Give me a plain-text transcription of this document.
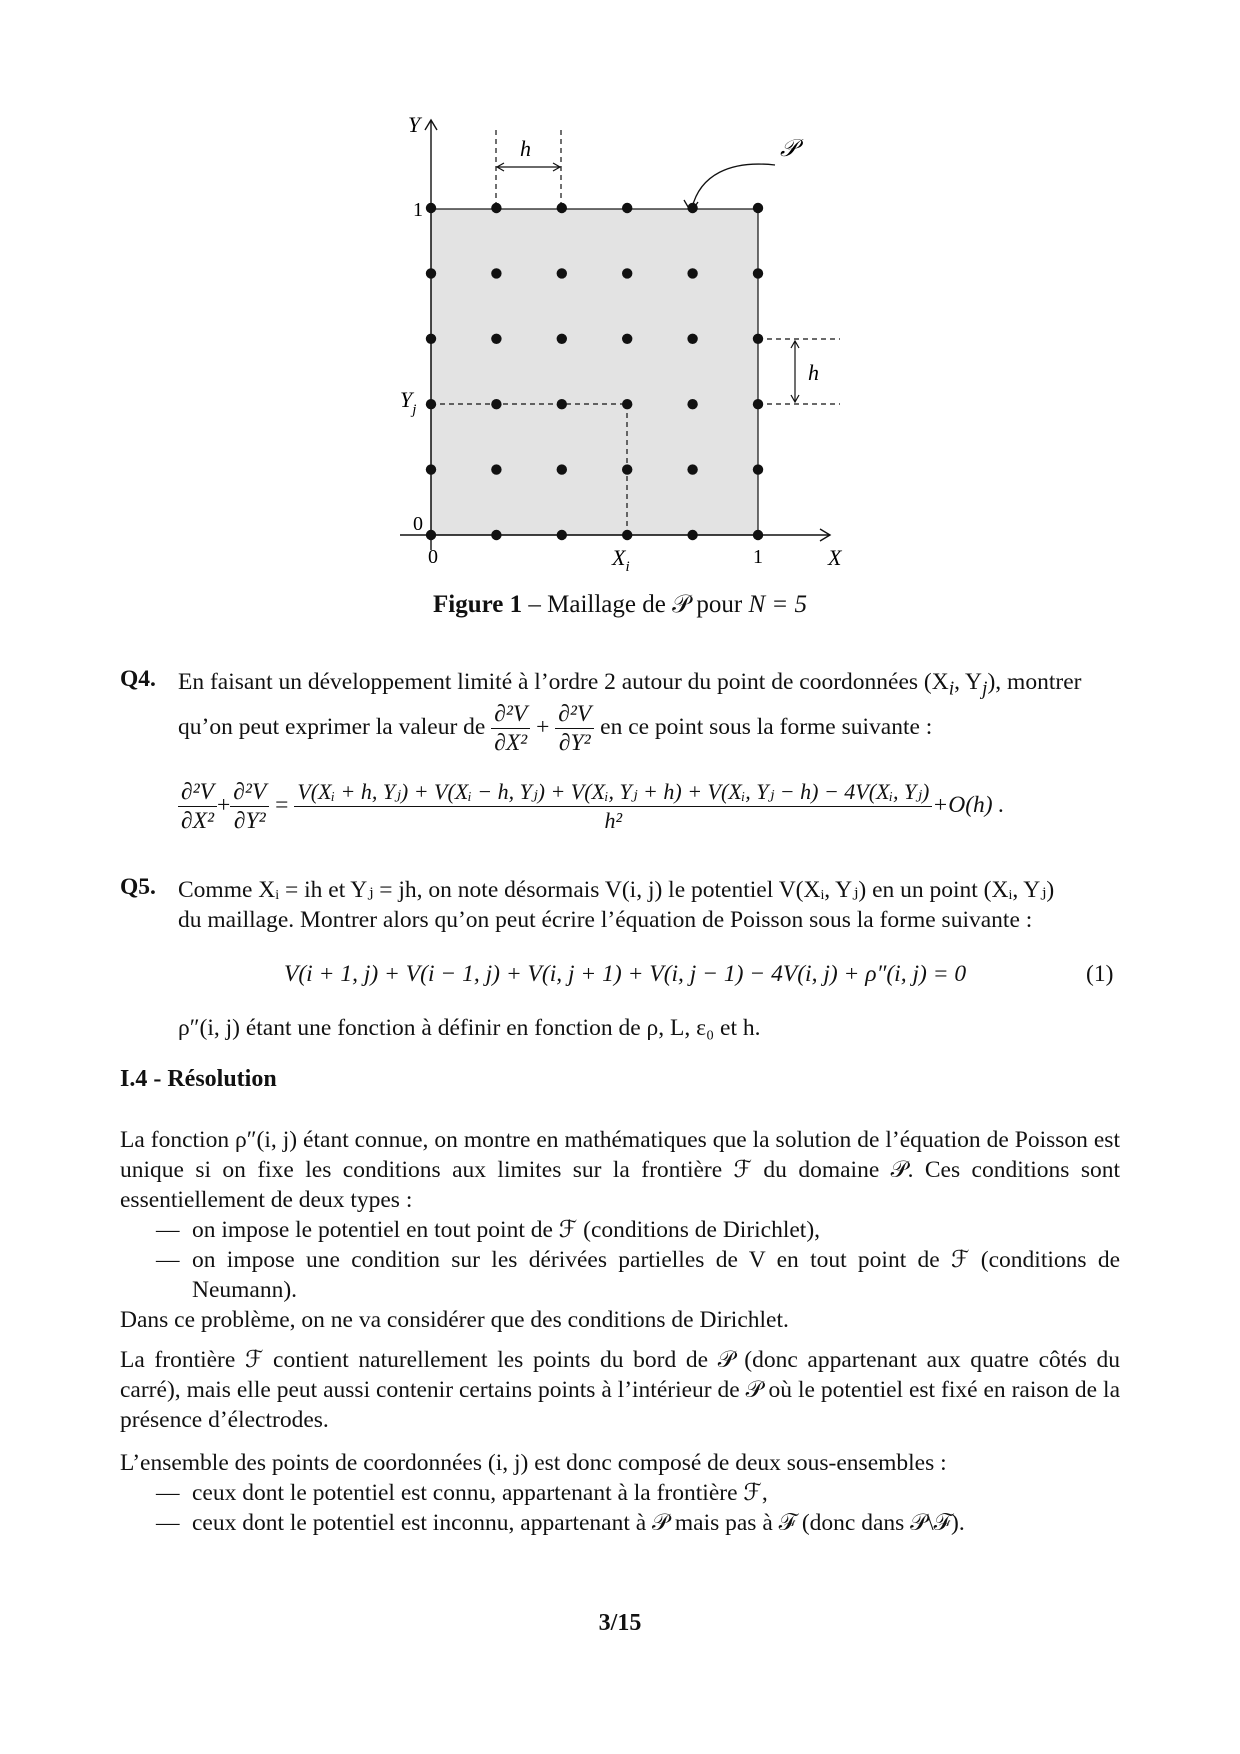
Y
X
1
0
0	1
h
h
$Y_j$
$X_i$
𝒫
Figure 1 – Maillage de 𝒫 pour N = 5
Q4. En faisant un développement limité à l’ordre 2 autour du point de coordonnées ($X_i$, $Y_j$), montrer
qu’on peut exprimer la valeur de $\frac{\text{∂²V}}{\text{∂X²}} + \frac{\text{∂²V}}{\text{∂Y²}}$ en ce point sous la forme suivante :
$\frac{\text{∂²V}}{\text{∂X²}} + \frac{\text{∂²V}}{\text{∂Y²}}$ =
V(Xᵢ + h, Yⱼ) + V(Xᵢ − h, Yⱼ) + V(Xᵢ, Yⱼ + h) + V(Xᵢ, Yⱼ − h) − 4V(Xᵢ, Yⱼ)
h²
+O(h) .
Q5. Comme Xᵢ = ih et Yⱼ = jh, on note désormais V(i, j) le potentiel V(Xᵢ, Yⱼ) en un point (Xᵢ, Yⱼ)
du maillage. Montrer alors qu’on peut écrire l’équation de Poisson sous la forme suivante :
V(i + 1, j) + V(i − 1, j) + V(i, j + 1) + V(i, j − 1) − 4V(i, j) + ρ″(i, j) = 0	(1)
ρ″(i, j) étant une fonction à définir en fonction de ρ, L, ε₀ et h.
I.4 - Résolution
La fonction ρ″(i, j) étant connue, on montre en mathématiques que la solution de l’équation de Poisson est unique si on fixe les conditions aux limites sur la frontière ℱ du domaine 𝒫. Ces conditions sont essentiellement de deux types :
— on impose le potentiel en tout point de ℱ (conditions de Dirichlet),
— on impose une condition sur les dérivées partielles de V en tout point de ℱ (conditions de Neumann).
Dans ce problème, on ne va considérer que des conditions de Dirichlet.
La frontière ℱ contient naturellement les points du bord de 𝒫 (donc appartenant aux quatre côtés du carré), mais elle peut aussi contenir certains points à l’intérieur de 𝒫 où le potentiel est fixé en raison de la présence d’électrodes.
L’ensemble des points de coordonnées (i, j) est donc composé de deux sous-ensembles :
— ceux dont le potentiel est connu, appartenant à la frontière ℱ,
— ceux dont le potentiel est inconnu, appartenant à 𝒫 mais pas à ℱ (donc dans 𝒫\ℱ).
3/15
